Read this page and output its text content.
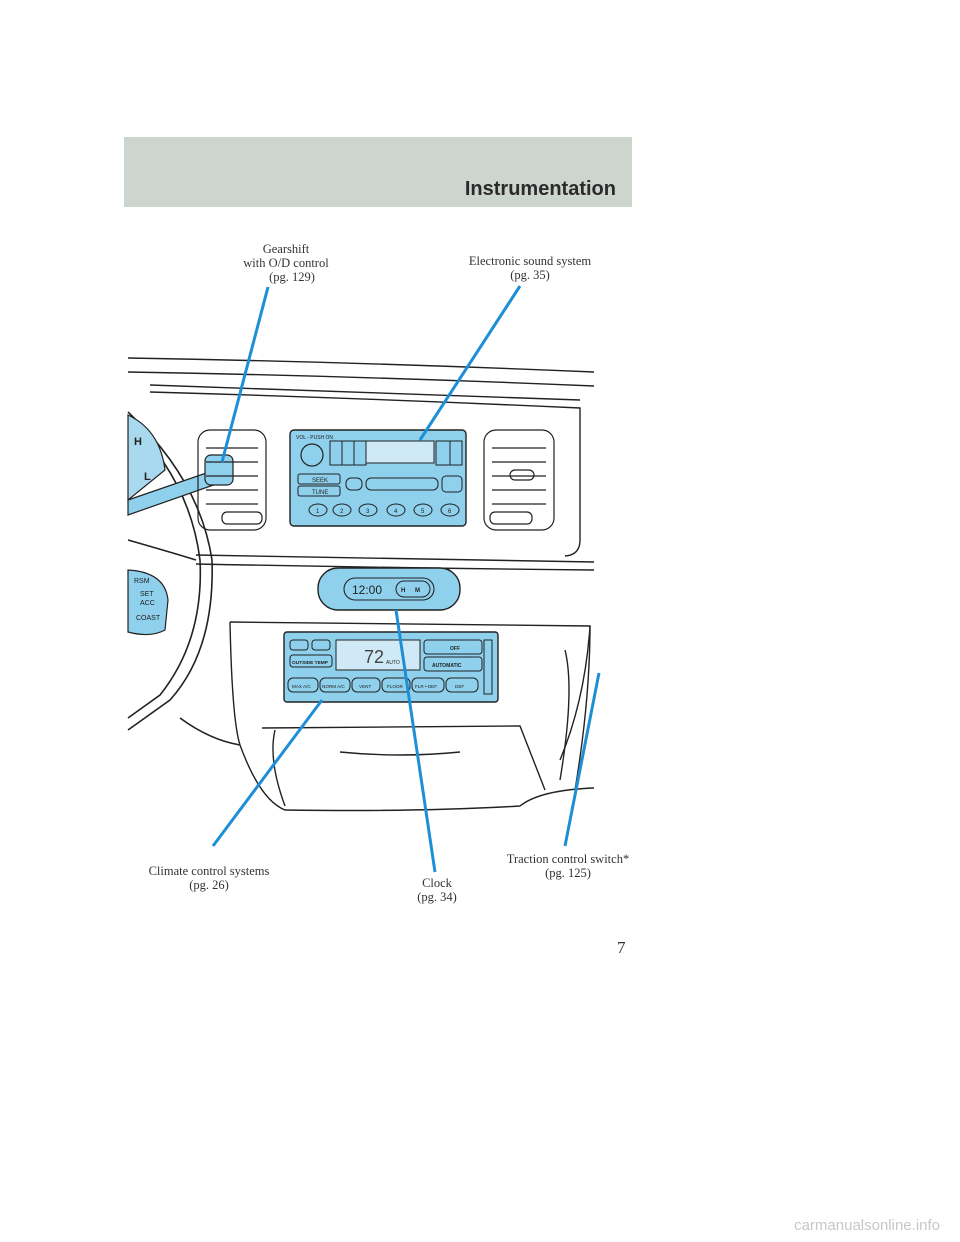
Instrumentation
H
L
RSM
SET
ACC
COAST
VOL - PUSH ON
SEEK
TUNE
1	2	3	4	5	6
12:00	H M
OUTSIDE TEMP 72 AUTO
OFF
AUTOMATIC
MAX A/C NORM A/C	VENT	FLOOR	FLR • DEF	DEF
Gearshift
with O/D control
(pg. 129)
Electronic sound system
(pg. 35)
Climate control systems
(pg. 26)	Clock
(pg. 34)
Traction control switch*
(pg. 125)
7
carmanualsonline.info
